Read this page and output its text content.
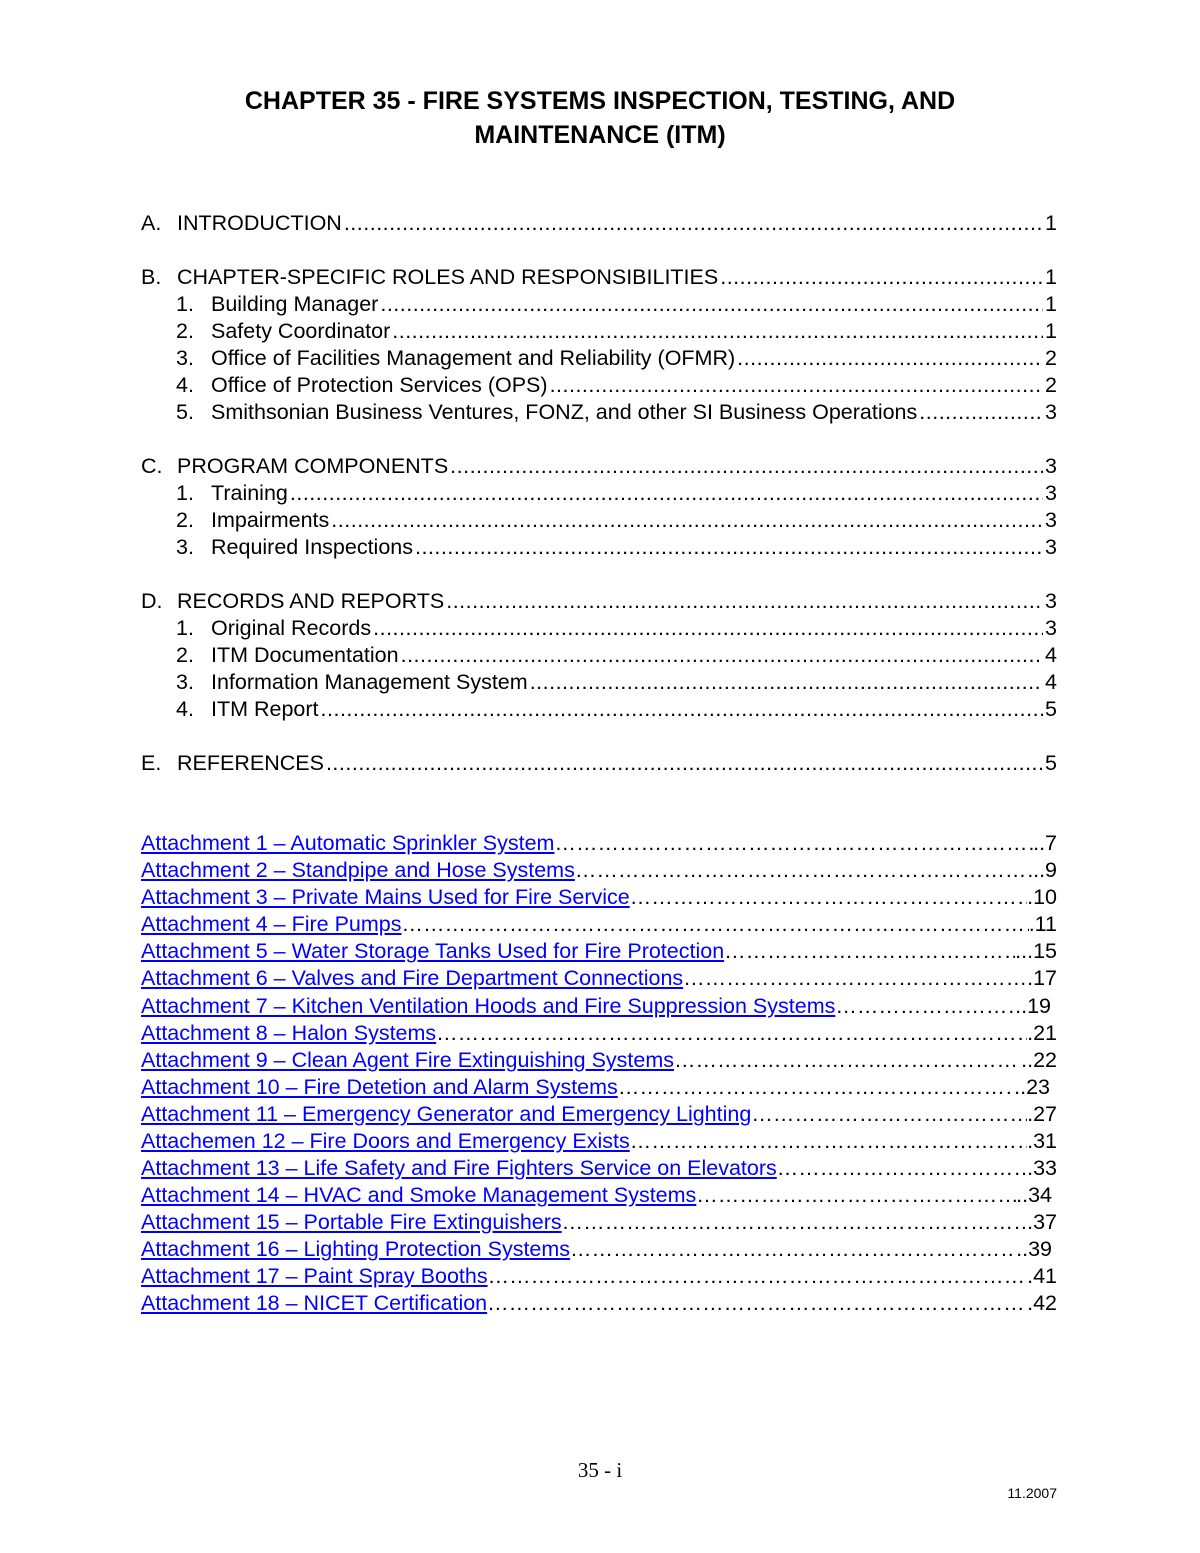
CHAPTER 35 - FIRE SYSTEMS INSPECTION, TESTING, AND
MAINTENANCE (ITM)
A. INTRODUCTION .....	1
B. CHAPTER-SPECIFIC ROLES AND RESPONSIBILITIES .....	1
1. Building Manager .....	1
2. Safety Coordinator .....	1
3. Office of Facilities Management and Reliability (OFMR) .....	2
4. Office of Protection Services (OPS) .....	2
5. Smithsonian Business Ventures, FONZ, and other SI Business Operations .....	3
C. PROGRAM COMPONENTS .....	3
1. Training .....	3
2. Impairments .....	3
3. Required Inspections .....	3
D. RECORDS AND REPORTS .....	3
1. Original Records .....	3
2. ITM Documentation .....	4
3. Information Management System .....	4
4. ITM Report .....	5
E. REFERENCES .....	5
Attachment 1 – Automatic Sprinkler System ……………………………………………………………………………………………………………………………………………………………………………………………………………………………………………………	..7
Attachment 2 – Standpipe and Hose Systems ……………………………………………………………………………………………………………………………………………………………………………………………………………………………………………………	..9
Attachment 3 – Private Mains Used for Fire Service ……………………………………………………………………………………………………………………………………………………………………………………………………………………………………………………	.10
Attachment 4 – Fire Pumps ……………………………………………………………………………………………………………………………………………………………………………………………………………………………………………………	.11
Attachment 5 – Water Storage Tanks Used for Fire Protection ……………………………………………………………………………………………………………………………………………………………………………………………………………………………………………………	...15
Attachment 6 – Valves and Fire Department Connections ……………………………………………………………………………………………………………………………………………………………………………………………………………………………………………………	.17
Attachment 7 – Kitchen Ventilation Hoods and Fire Suppression Systems ……………………………………………………………………………………………………………………………………………………………………………………………………………………………………………………	..19
Attachment 8 – Halon Systems ……………………………………………………………………………………………………………………………………………………………………………………………………………………………………………………	.21
Attachment 9 – Clean Agent Fire Extinguishing Systems ……………………………………………………………………………………………………………………………………………………………………………………………………………………………………………………	..22
Attachment 10 – Fire Detetion and Alarm Systems ……………………………………………………………………………………………………………………………………………………………………………………………………………………………………………………	..23
Attachment 11 – Emergency Generator and Emergency Lighting ……………………………………………………………………………………………………………………………………………………………………………………………………………………………………………………	.27
Attachemen 12 – Fire Doors and Emergency Exists ……………………………………………………………………………………………………………………………………………………………………………………………………………………………………………………	.31
Attachment 13 – Life Safety and Fire Fighters Service on Elevators ……………………………………………………………………………………………………………………………………………………………………………………………………………………………………………………	.33
Attachment 14 – HVAC and Smoke Management Systems ……………………………………………………………………………………………………………………………………………………………………………………………………………………………………………………	..34
Attachment 15 – Portable Fire Extinguishers ……………………………………………………………………………………………………………………………………………………………………………………………………………………………………………………	.37
Attachment 16 – Lighting Protection Systems ……………………………………………………………………………………………………………………………………………………………………………………………………………………………………………………	..39
Attachment 17 – Paint Spray Booths ……………………………………………………………………………………………………………………………………………………………………………………………………………………………………………………	.41
Attachment 18 – NICET Certification ……………………………………………………………………………………………………………………………………………………………………………………………………………………………………………………	.42
35 - i
11.2007
